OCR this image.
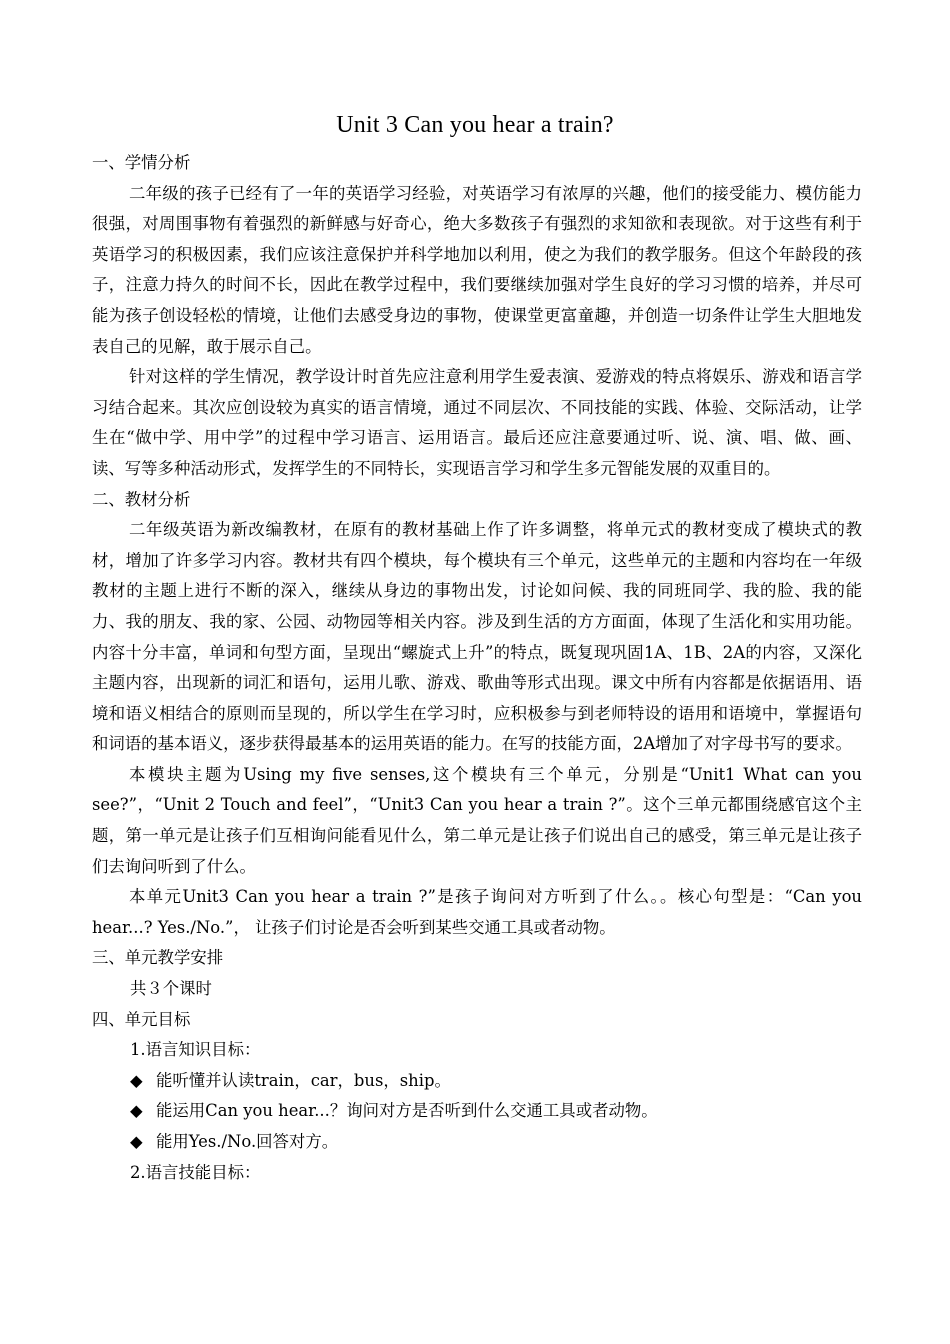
Unit 3 Can you hear a train?

一、学情分析

二年级的孩子已经有了一年的英语学习经验，对英语学习有浓厚的兴趣，他们的接受能力、模仿能力很强，对周围事物有着强烈的新鲜感与好奇心，绝大多数孩子有强烈的求知欲和表现欲。对于这些有利于英语学习的积极因素，我们应该注意保护并科学地加以利用，使之为我们的教学服务。但这个年龄段的孩子，注意力持久的时间不长，因此在教学过程中，我们要继续加强对学生良好的学习习惯的培养，并尽可能为孩子创设轻松的情境，让他们去感受身边的事物，使课堂更富童趣，并创造一切条件让学生大胆地发表自己的见解，敢于展示自己。

针对这样的学生情况，教学设计时首先应注意利用学生爱表演、爱游戏的特点将娱乐、游戏和语言学习结合起来。其次应创设较为真实的语言情境，通过不同层次、不同技能的实践、体验、交际活动，让学生在“做中学、用中学”的过程中学习语言、运用语言。最后还应注意要通过听、说、演、唱、做、画、读、写等多种活动形式，发挥学生的不同特长，实现语言学习和学生多元智能发展的双重目的。

二、教材分析

二年级英语为新改编教材，在原有的教材基础上作了许多调整，将单元式的教材变成了模块式的教材，增加了许多学习内容。教材共有四个模块，每个模块有三个单元，这些单元的主题和内容均在一年级教材的主题上进行不断的深入，继续从身边的事物出发，讨论如问候、我的同班同学、我的脸、我的能力、我的朋友、我的家、公园、动物园等相关内容。涉及到生活的方方面面，体现了生活化和实用功能。内容十分丰富，单词和句型方面，呈现出“螺旋式上升”的特点，既复现巩固1A、1B、2A的内容，又深化主题内容，出现新的词汇和语句，运用儿歌、游戏、歌曲等形式出现。课文中所有内容都是依据语用、语境和语义相结合的原则而呈现的，所以学生在学习时，应积极参与到老师特设的语用和语境中，掌握语句和词语的基本语义，逐步获得最基本的运用英语的能力。在写的技能方面，2A增加了对字母书写的要求。

本模块主题为Using my five senses,这个模块有三个单元，分别是“Unit1 What can you see?”，“Unit 2 Touch and feel”，“Unit3 Can you hear a train ?”。这个三单元都围绕感官这个主题，第一单元是让孩子们互相询问能看见什么，第二单元是让孩子们说出自己的感受，第三单元是让孩子们去询问听到了什么。

本单元Unit3 Can you hear a train ?”是孩子询问对方听到了什么。。核心句型是：“Can you hear...? Yes./No.”， 让孩子们讨论是否会听到某些交通工具或者动物。

三、单元教学安排

共３个课时

四、单元目标

1.语言知识目标：

◆ 能听懂并认读train，car，bus，ship。

◆ 能运用Can you hear...？询问对方是否听到什么交通工具或者动物。

◆ 能用Yes./No.回答对方。

2.语言技能目标：
